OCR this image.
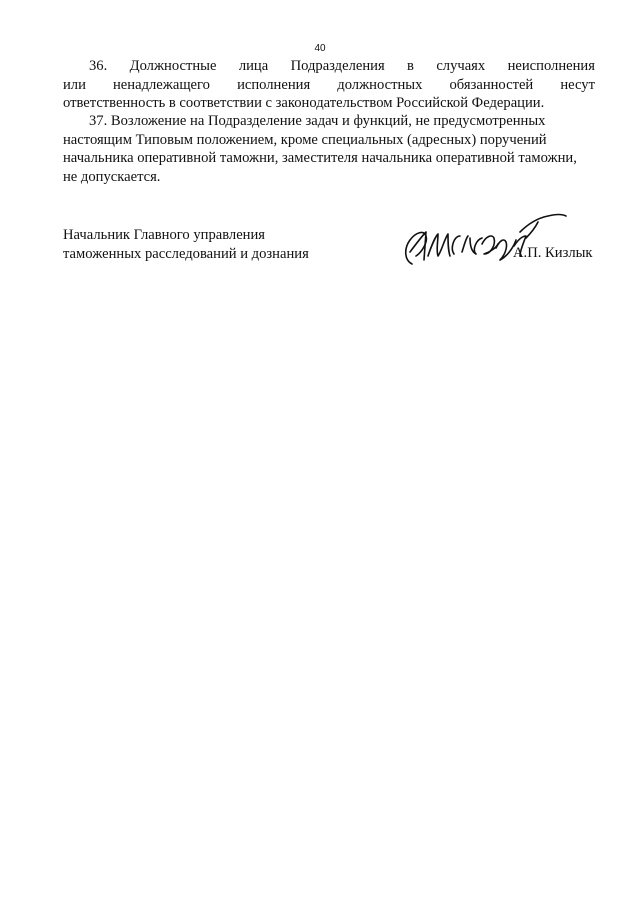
40
36. Должностные лица Подразделения в случаях неисполнения
или ненадлежащего исполнения должностных обязанностей несут
ответственность в соответствии с законодательством Российской Федерации.
37. Возложение на Подразделение задач и функций, не предусмотренных
настоящим Типовым положением, кроме специальных (адресных) поручений
начальника оперативной таможни, заместителя начальника оперативной таможни,
не допускается.
Начальник Главного управления
таможенных расследований и дознания	А.П. Кизлык
